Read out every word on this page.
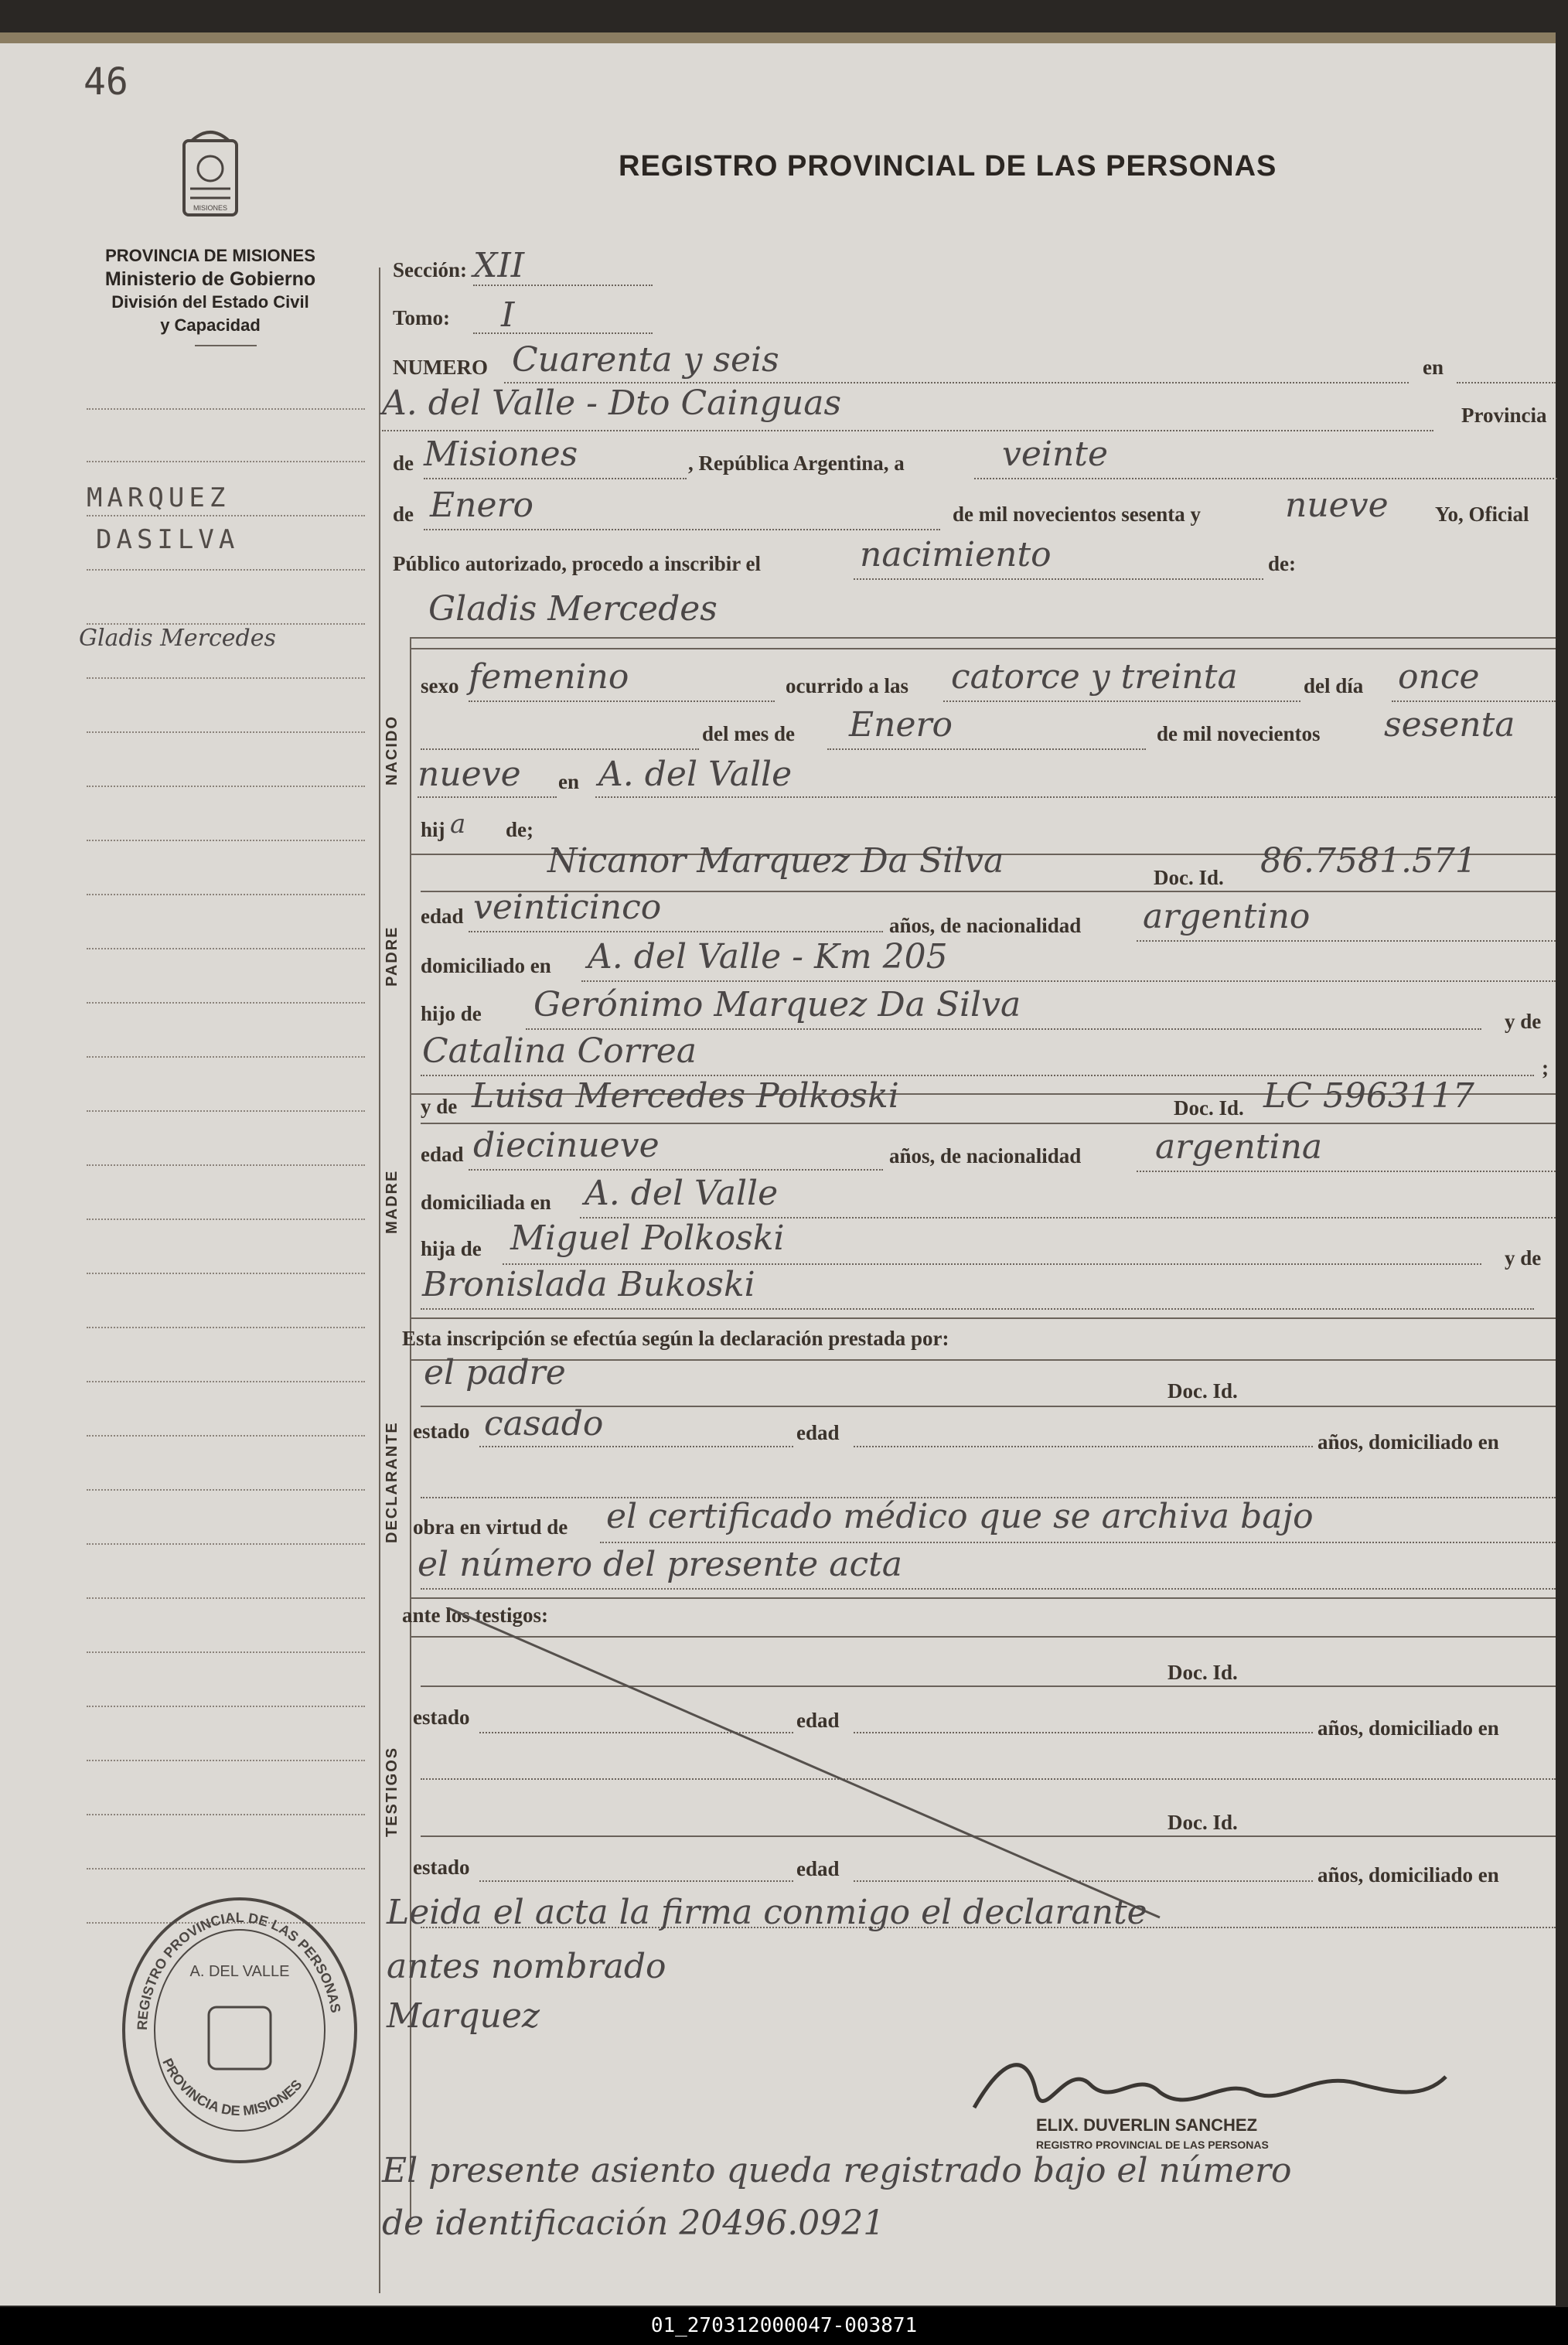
46
MISIONES
REGISTRO PROVINCIAL DE LAS PERSONAS
PROVINCIA DE MISIONES
Ministerio de Gobierno
División del Estado Civil
y Capacidad
MARQUEZ
DASILVA
Gladis Mercedes
Sección: XII
Tomo: I
NUMERO Cuarenta y seis	en
A. del Valle - Dto Cainguas	Provincia
de Misiones	, República Argentina, a	veinte
de Enero	de mil novecientos sesenta y nueve Yo, Oficial
Público autorizado, procedo a inscribir el	nacimiento	de:
Gladis Mercedes
NACIDO
sexo femenino	ocurrido a las catorce y treinta	del día once
del mes de Enero	de mil novecientos sesenta
nueve en A. del Valle
hij a de;
PADRE
Nicanor Marquez Da Silva	Doc. Id. 86.7581.571
edad veinticinco	años, de nacionalidad argentino
domiciliado en A. del Valle - Km 205
hijo de Gerónimo Marquez Da Silva	y de
Catalina Correa	;
MADRE
y de Luisa Mercedes Polkoski	Doc. Id. LC 5963117
edad diecinueve	años, de nacionalidad argentina
domiciliada en A. del Valle
hija de Miguel Polkoski	y de
Bronislada Bukoski
Esta inscripción se efectúa según la declaración prestada por:
DECLARANTE
el padre	Doc. Id.
estado casado	edad	años, domiciliado en
obra en virtud de el certificado médico que se archiva bajo
el número del presente acta
ante los testigos:
TESTIGOS
Doc. Id.
estado	edad	años, domiciliado en
Doc. Id.
estado	edad	años, domiciliado en
Leida el acta la firma conmigo el declarante
antes nombrado
Marquez
ELIX. DUVERLIN SANCHEZ
REGISTRO PROVINCIAL DE LAS PERSONAS
El presente asiento queda registrado bajo el número
de identificación 20496.0921
REGISTRO PROVINCIAL DE LAS PERSONAS
A. DEL VALLE
PROVINCIA DE MISIONES
01_270312000047-003871
